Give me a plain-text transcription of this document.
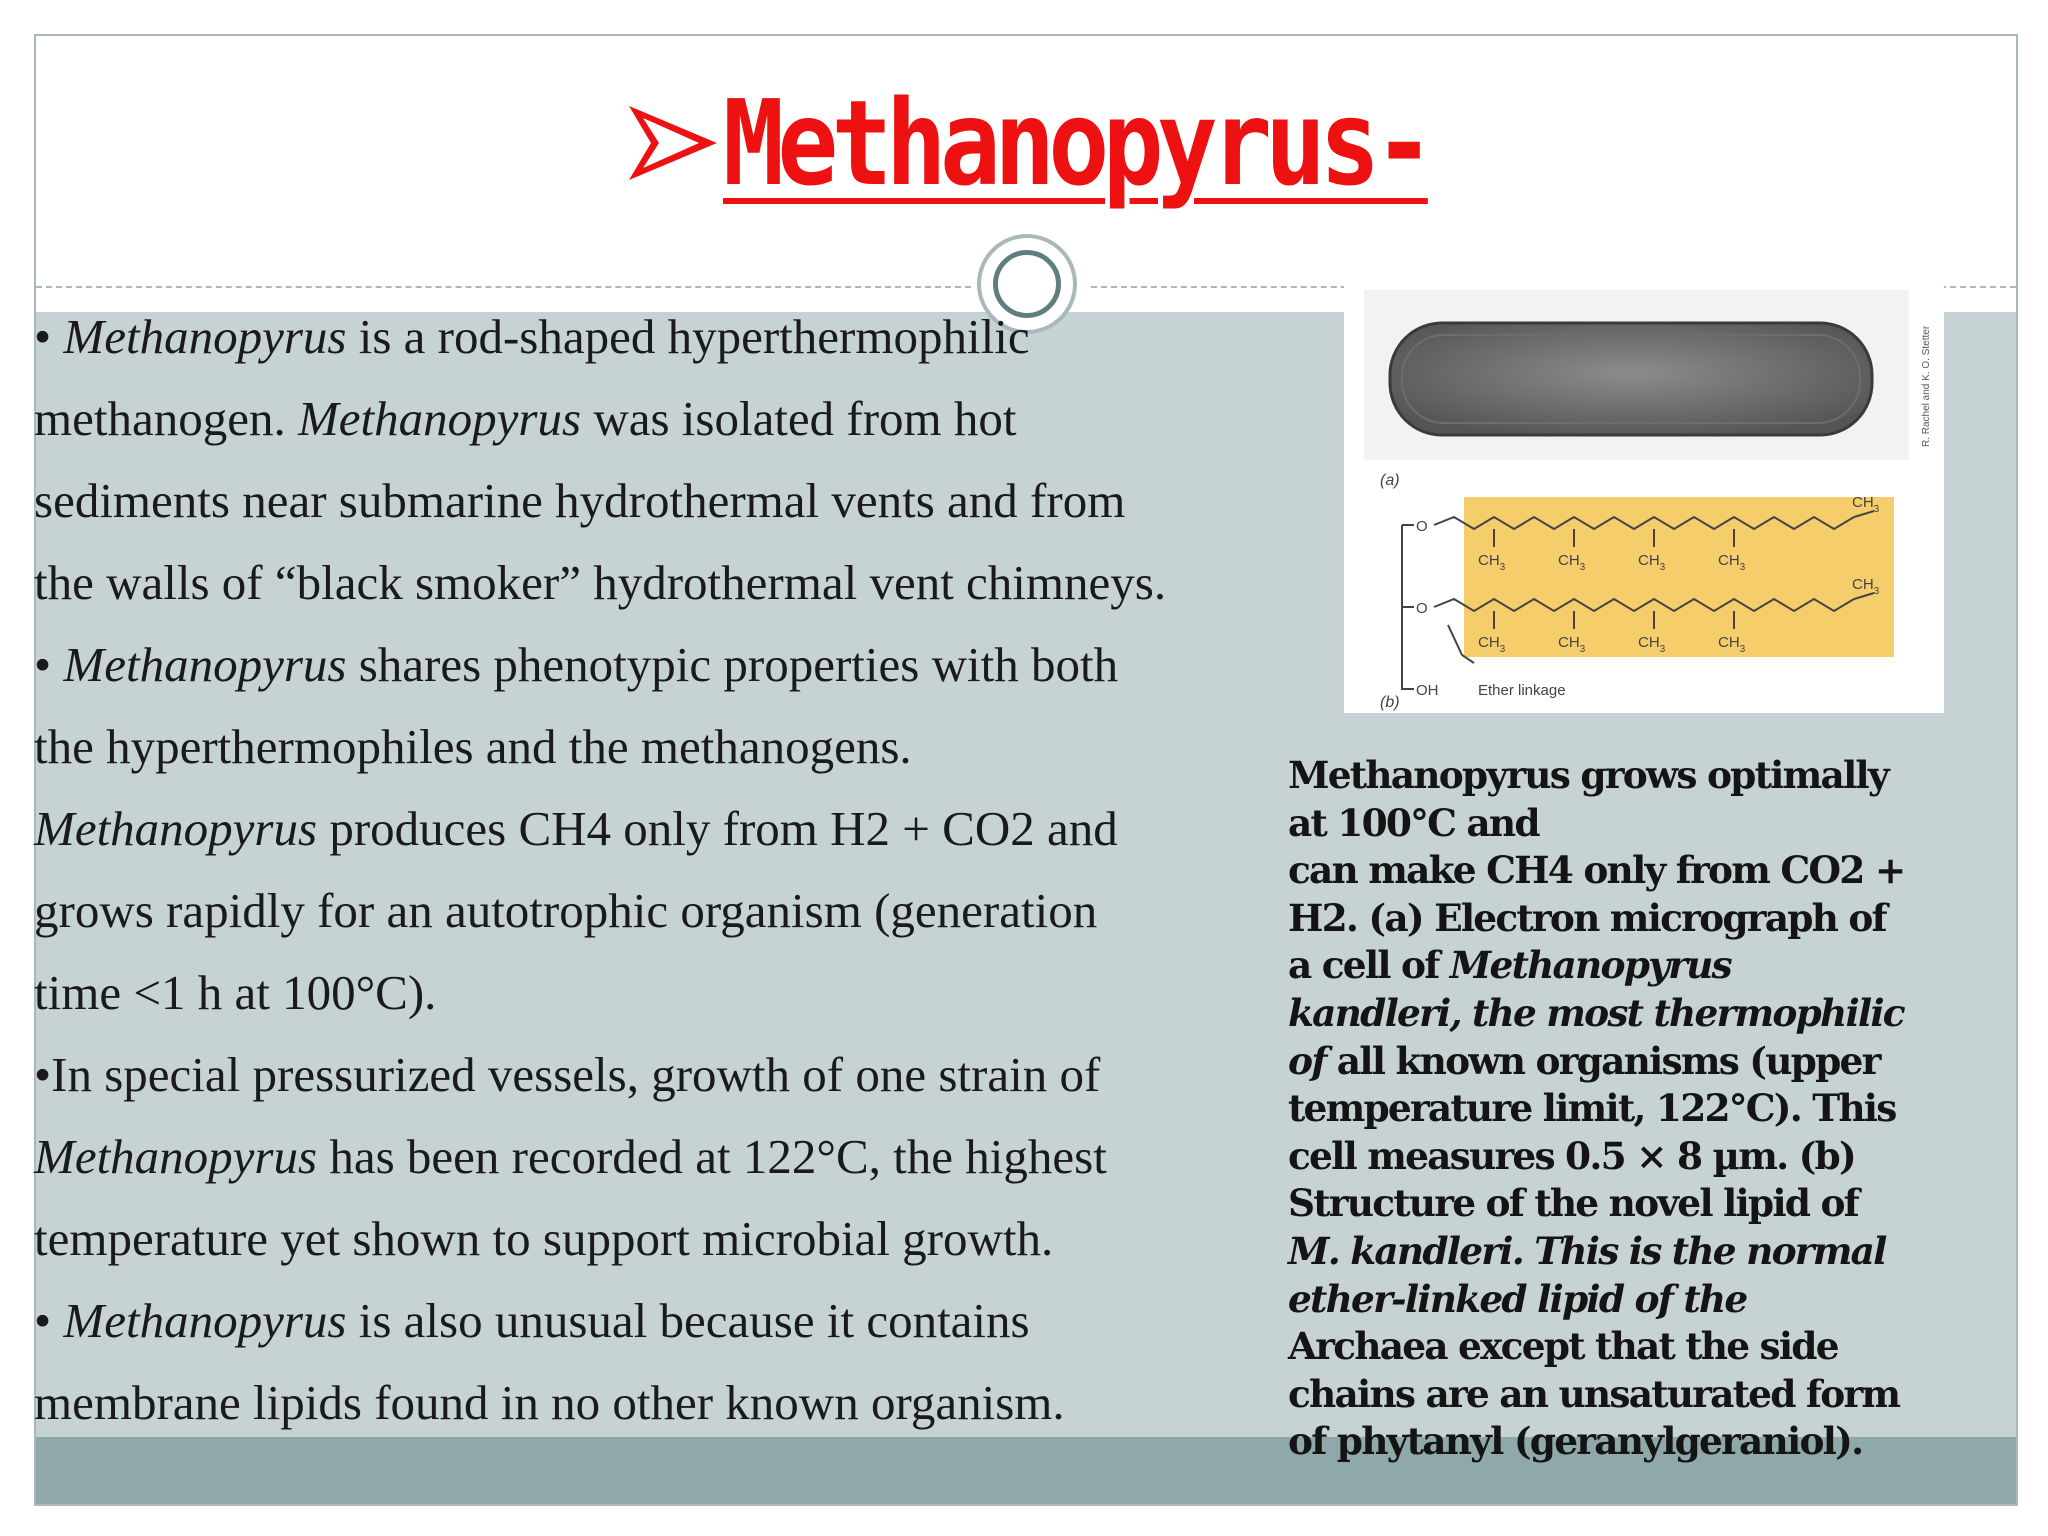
Methanopyrus-
• Methanopyrus is a rod-shaped hyperthermophilic
methanogen. Methanopyrus was isolated from hot
sediments near submarine hydrothermal vents and from
the walls of “black smoker” hydrothermal vent chimneys.
• Methanopyrus shares phenotypic properties with both
the hyperthermophiles and the methanogens.
Methanopyrus produces CH4 only from H2 + CO2 and
grows rapidly for an autotrophic organism (generation
time <1 h at 100°C).
•In special pressurized vessels, growth of one strain of
Methanopyrus has been recorded at 122°C, the highest
temperature yet shown to support microbial growth.
• Methanopyrus is also unusual because it contains
membrane lipids found in no other known organism.
R. Rachel and K. O. Stetter
(a)
O
O
OH	Ether linkage
(b)
$CH_3$	$CH_3$	$CH_3$	$CH_3$
$CH_3$
$CH_3$	$CH_3$	$CH_3$	$CH_3$
$CH_3$
Methanopyrus grows optimally
at 100°C and
can make CH4 only from CO2 +
H2. (a) Electron micrograph of
a cell of Methanopyrus
kandleri, the most thermophilic
of all known organisms (upper
temperature limit, 122°C). This
cell measures 0.5 × 8 µm. (b)
Structure of the novel lipid of
M. kandleri. This is the normal
ether-linked lipid of the
Archaea except that the side
chains are an unsaturated form
of phytanyl (geranylgeraniol).
